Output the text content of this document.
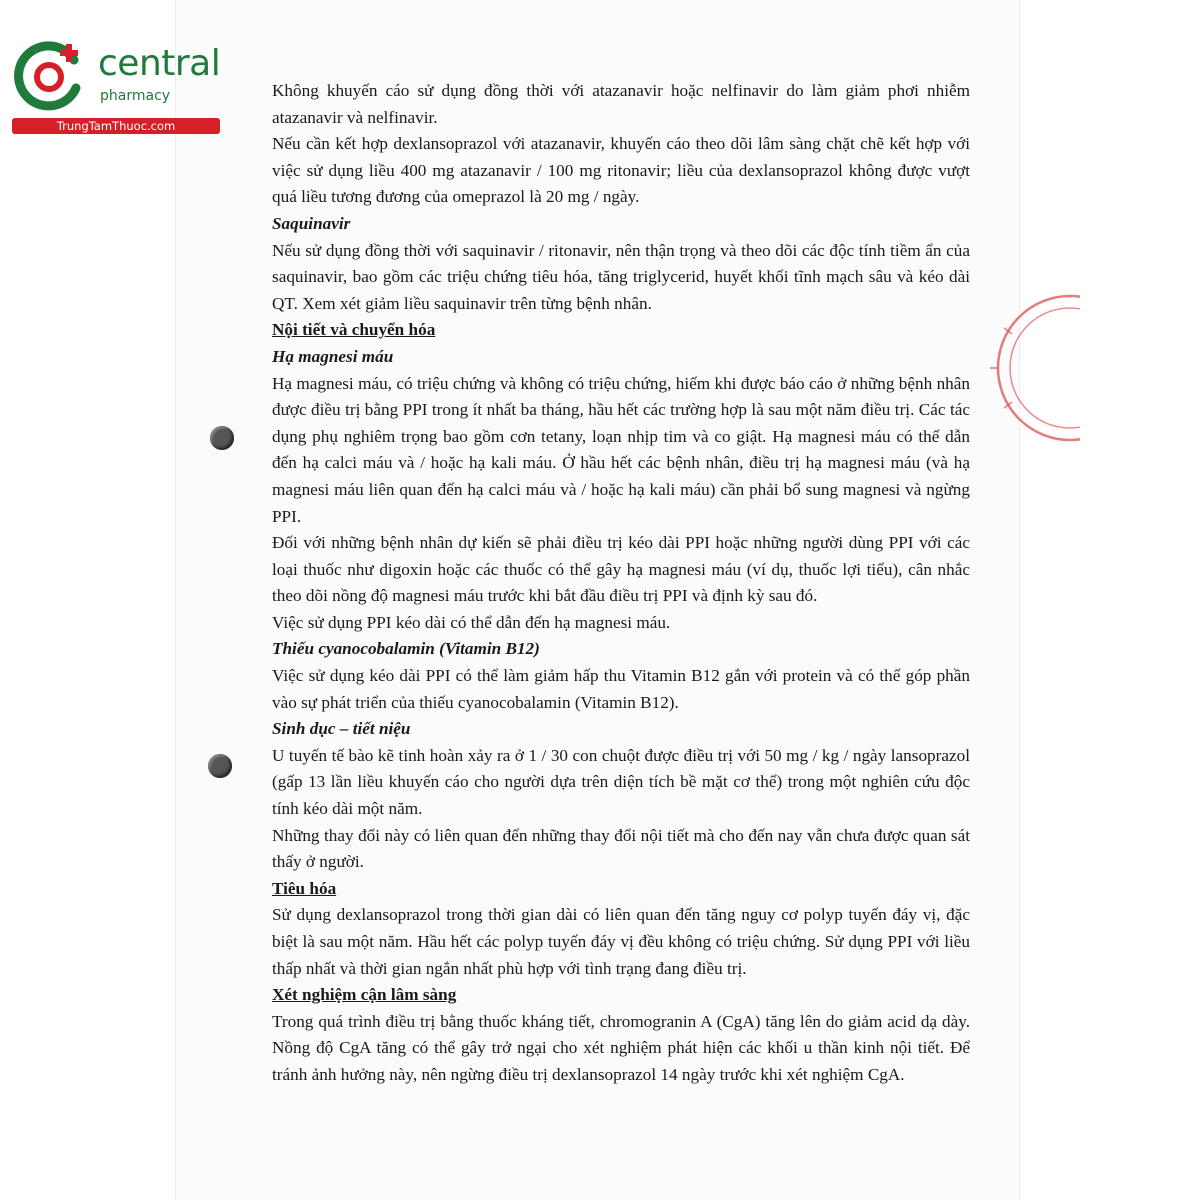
central
pharmacy
TrungTamThuoc.com

Không khuyến cáo sử dụng đồng thời với atazanavir hoặc nelfinavir do làm giảm phơi nhiễm atazanavir và nelfinavir.

Nếu cần kết hợp dexlansoprazol với atazanavir, khuyến cáo theo dõi lâm sàng chặt chẽ kết hợp với việc sử dụng liều 400 mg atazanavir / 100 mg ritonavir; liều của dexlansoprazol không được vượt quá liều tương đương của omeprazol là 20 mg / ngày.

Saquinavir

Nếu sử dụng đồng thời với saquinavir / ritonavir, nên thận trọng và theo dõi các độc tính tiềm ẩn của saquinavir, bao gồm các triệu chứng tiêu hóa, tăng triglycerid, huyết khối tĩnh mạch sâu và kéo dài QT. Xem xét giảm liều saquinavir trên từng bệnh nhân.

Nội tiết và chuyển hóa
Hạ magnesi máu

Hạ magnesi máu, có triệu chứng và không có triệu chứng, hiếm khi được báo cáo ở những bệnh nhân được điều trị bằng PPI trong ít nhất ba tháng, hầu hết các trường hợp là sau một năm điều trị. Các tác dụng phụ nghiêm trọng bao gồm cơn tetany, loạn nhịp tim và co giật. Hạ magnesi máu có thể dẫn đến hạ calci máu và / hoặc hạ kali máu. Ở hầu hết các bệnh nhân, điều trị hạ magnesi máu (và hạ magnesi máu liên quan đến hạ calci máu và / hoặc hạ kali máu) cần phải bổ sung magnesi và ngừng PPI.

Đối với những bệnh nhân dự kiến sẽ phải điều trị kéo dài PPI hoặc những người dùng PPI với các loại thuốc như digoxin hoặc các thuốc có thể gây hạ magnesi máu (ví dụ, thuốc lợi tiểu), cân nhắc theo dõi nồng độ magnesi máu trước khi bắt đầu điều trị PPI và định kỳ sau đó.

Việc sử dụng PPI kéo dài có thể dẫn đến hạ magnesi máu.

Thiếu cyanocobalamin (Vitamin B12)

Việc sử dụng kéo dài PPI có thể làm giảm hấp thu Vitamin B12 gắn với protein và có thể góp phần vào sự phát triển của thiếu cyanocobalamin (Vitamin B12).

Sinh dục – tiết niệu

U tuyến tế bào kẽ tinh hoàn xảy ra ở 1 / 30 con chuột được điều trị với 50 mg / kg / ngày lansoprazol (gấp 13 lần liều khuyến cáo cho người dựa trên diện tích bề mặt cơ thể) trong một nghiên cứu độc tính kéo dài một năm.

Những thay đổi này có liên quan đến những thay đổi nội tiết mà cho đến nay vẫn chưa được quan sát thấy ở người.

Tiêu hóa

Sử dụng dexlansoprazol trong thời gian dài có liên quan đến tăng nguy cơ polyp tuyến đáy vị, đặc biệt là sau một năm. Hầu hết các polyp tuyến đáy vị đều không có triệu chứng. Sử dụng PPI với liều thấp nhất và thời gian ngắn nhất phù hợp với tình trạng đang điều trị.

Xét nghiệm cận lâm sàng

Trong quá trình điều trị bằng thuốc kháng tiết, chromogranin A (CgA) tăng lên do giảm acid dạ dày. Nồng độ CgA tăng có thể gây trở ngại cho xét nghiệm phát hiện các khối u thần kinh nội tiết. Để tránh ảnh hưởng này, nên ngừng điều trị dexlansoprazol 14 ngày trước khi xét nghiệm CgA.
